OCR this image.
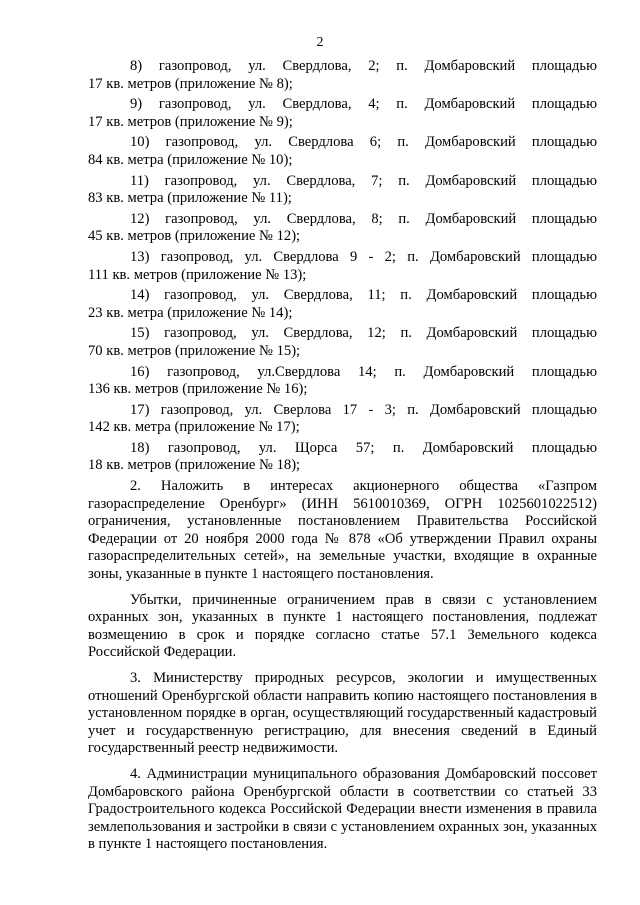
2

8) газопровод, ул. Свердлова, 2; п. Домбаровский площадью
17 кв. метров (приложение № 8);

9) газопровод, ул. Свердлова, 4; п. Домбаровский площадью
17 кв. метров (приложение № 9);

10) газопровод, ул. Свердлова 6; п. Домбаровский площадью
84 кв. метра (приложение № 10);

11) газопровод, ул. Свердлова, 7; п. Домбаровский площадью
83 кв. метра (приложение № 11);

12) газопровод, ул. Свердлова, 8; п. Домбаровский площадью
45 кв. метров (приложение № 12);

13) газопровод, ул. Свердлова 9 - 2; п. Домбаровский площадью
111 кв. метров (приложение № 13);

14) газопровод, ул. Свердлова, 11; п. Домбаровский площадью
23 кв. метра (приложение № 14);

15) газопровод, ул. Свердлова, 12; п. Домбаровский площадью
70 кв. метров (приложение № 15);

16) газопровод, ул.Свердлова 14; п. Домбаровский площадью
136 кв. метров (приложение № 16);

17) газопровод, ул. Сверлова 17 - 3; п. Домбаровский площадью
142 кв. метра (приложение № 17);

18) газопровод, ул. Щорса 57; п. Домбаровский площадью
18 кв. метров (приложение № 18);

2. Наложить в интересах акционерного общества «Газпром газораспределение Оренбург» (ИНН 5610010369, ОГРН 1025601022512) ограничения, установленные постановлением Правительства Российской Федерации от 20 ноября 2000 года № 878 «Об утверждении Правил охраны газораспределительных сетей», на земельные участки, входящие в охранные зоны, указанные в пункте 1 настоящего постановления.

Убытки, причиненные ограничением прав в связи с установлением охранных зон, указанных в пункте 1 настоящего постановления, подлежат возмещению в срок и порядке согласно статье 57.1 Земельного кодекса Российской Федерации.

3. Министерству природных ресурсов, экологии и имущественных отношений Оренбургской области направить копию настоящего постановления в установленном порядке в орган, осуществляющий государственный кадастровый учет и государственную регистрацию, для внесения сведений в Единый государственный реестр недвижимости.

4. Администрации муниципального образования Домбаровский поссовет Домбаровского района Оренбургской области в соответствии со статьей 33 Градостроительного кодекса Российской Федерации внести изменения в правила землепользования и застройки в связи с установлением охранных зон, указанных в пункте 1 настоящего постановления.
